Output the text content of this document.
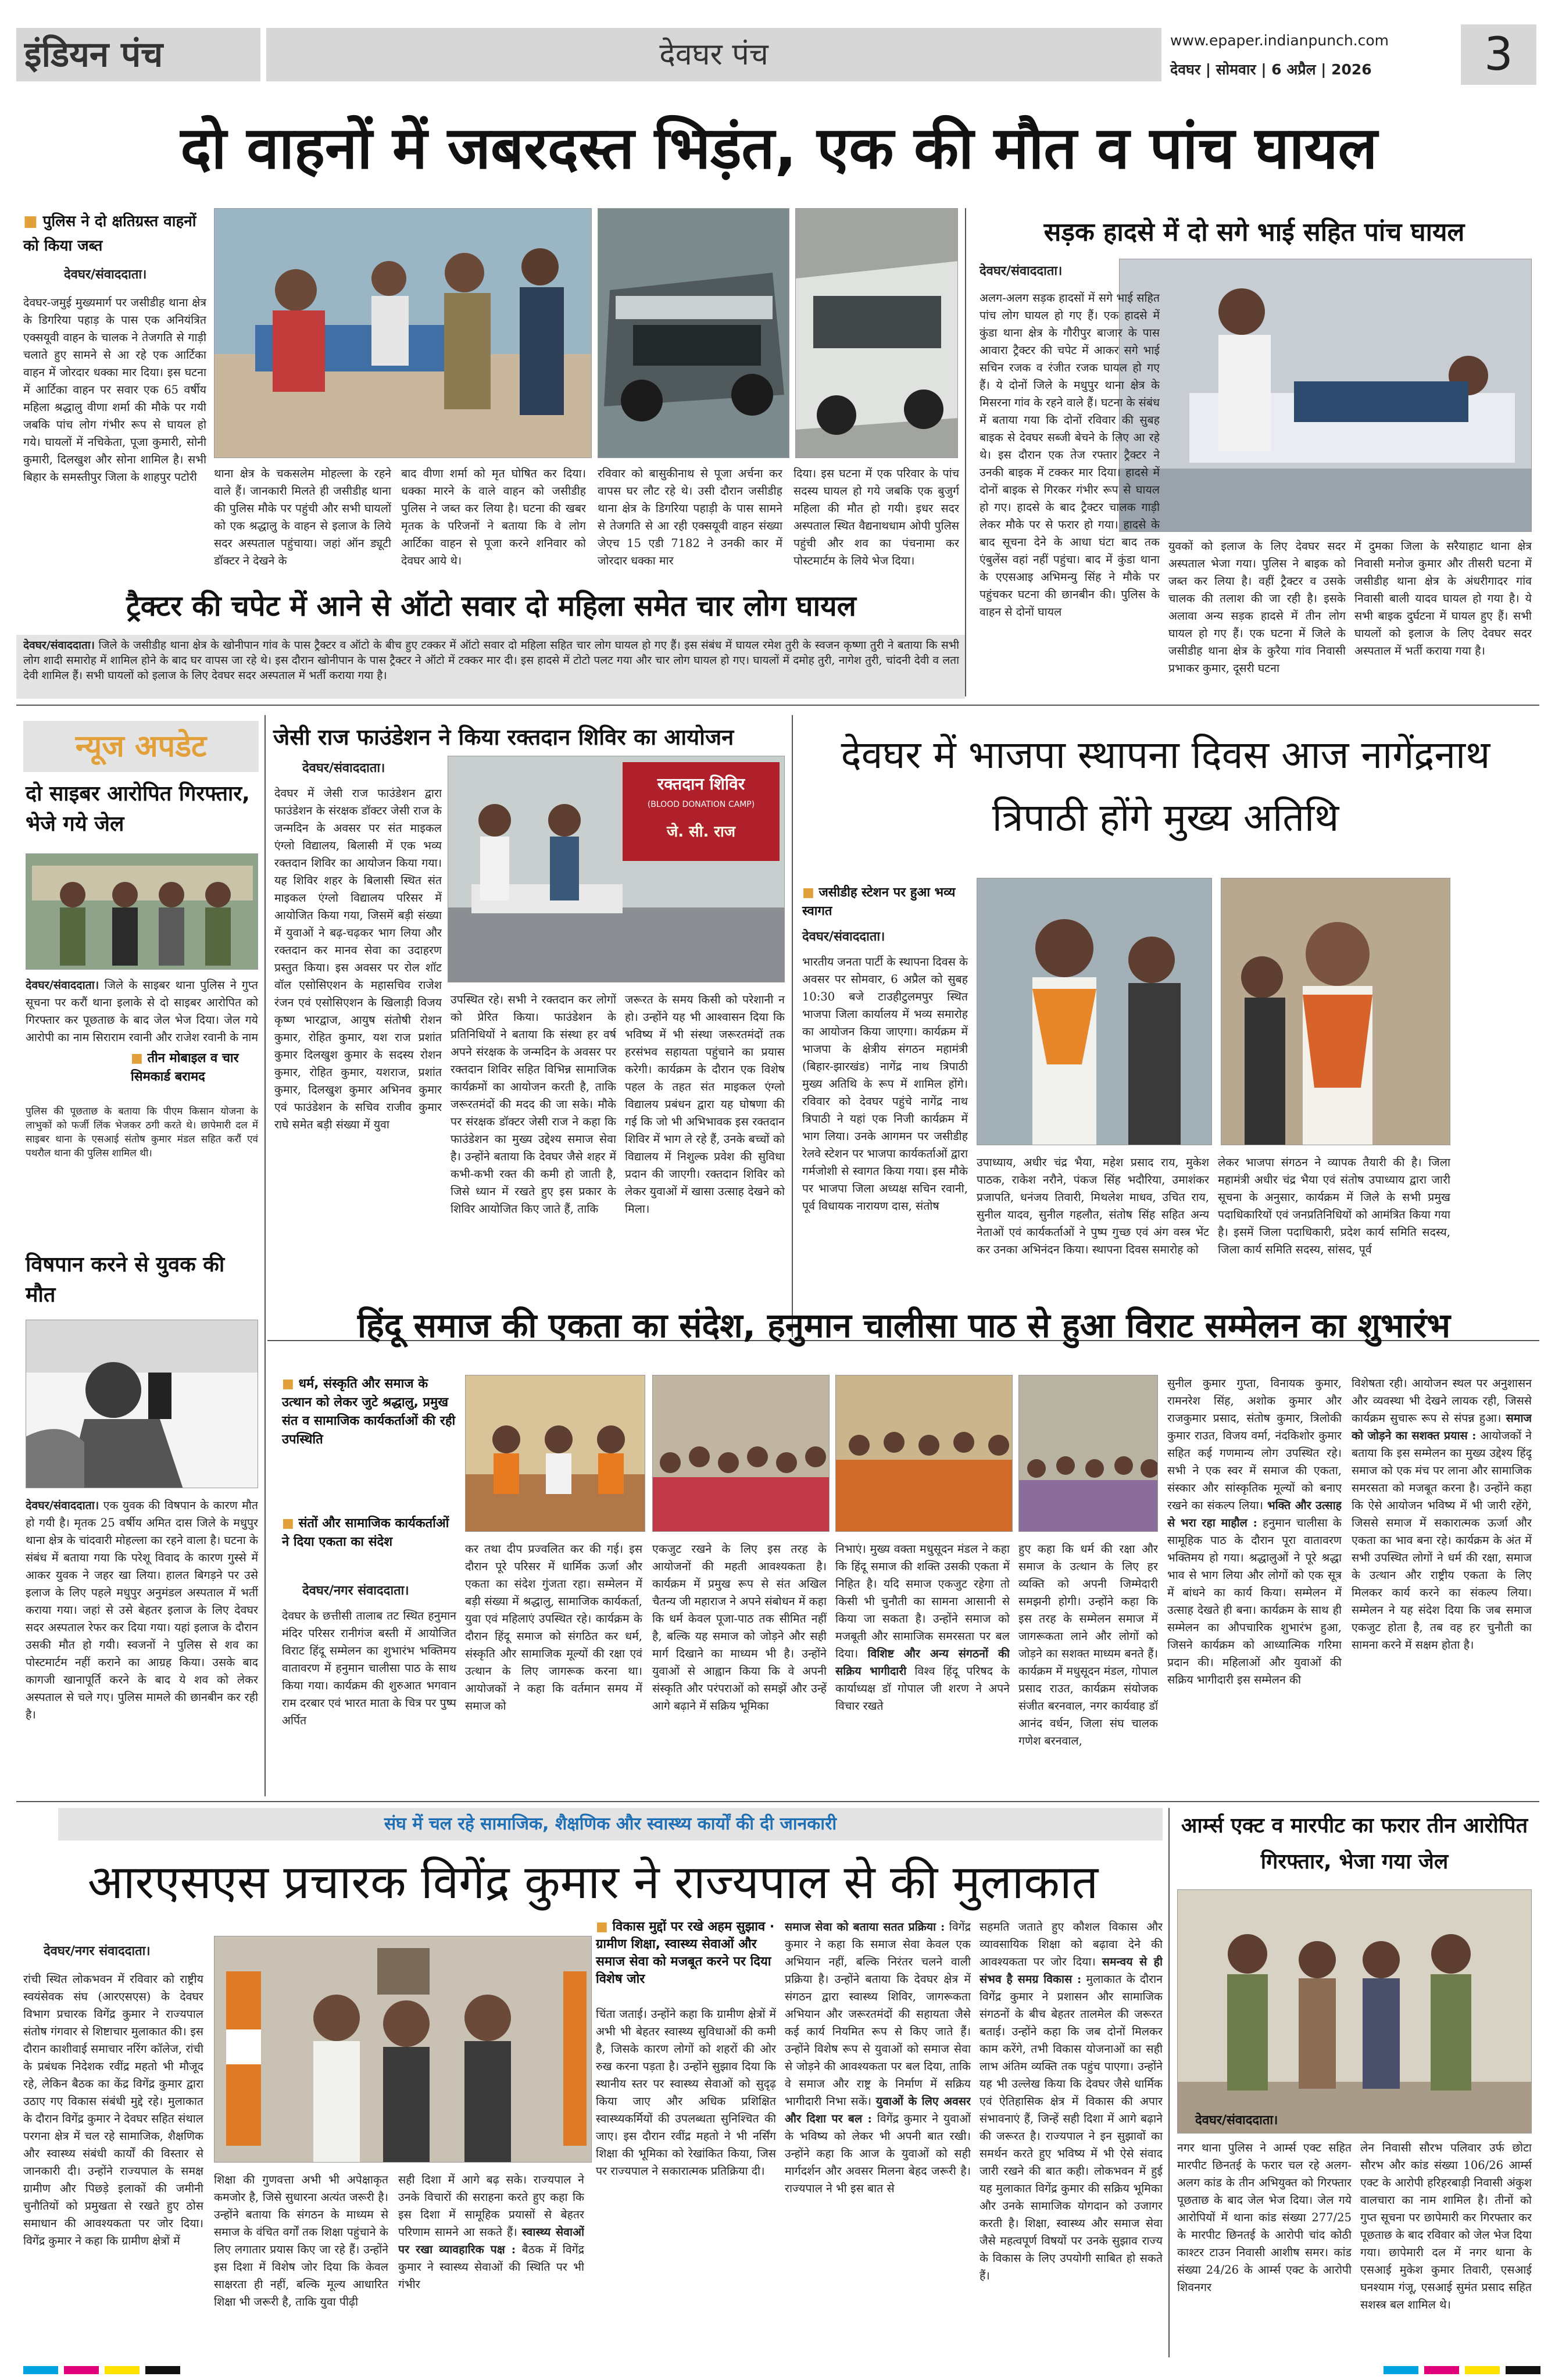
इंडियन पंच	देवघर पंच	www.epaper.indianpunch.com
देवघर | सोमवार | 6 अप्रैल | 2026	3
दो वाहनों में जबरदस्त भिड़ंत, एक की मौत व पांच घायल
■ पुलिस ने दो क्षतिग्रस्त वाहनों को किया जब्त
देवघर/संवाददाता।
देवघर-जमुई मुख्यमार्ग पर जसीडीह थाना क्षेत्र के डिगरिया पहाड़ के पास एक अनियंत्रित एक्सयूवी वाहन के चालक ने तेजगति से गाड़ी चलाते हुए सामने से आ रहे एक आर्टिका वाहन में जोरदार धक्का मार दिया। इस घटना में आर्टिका वाहन पर सवार एक 65 वर्षीय महिला श्रद्धालु वीणा शर्मा की मौके पर गयी जबकि पांच लोग गंभीर रूप से घायल हो गये। घायलों में नचिकेता, पूजा कुमारी, सोनी कुमारी, दिलखुश और सोना शामिल है। सभी बिहार के समस्तीपुर जिला के शाहपुर पटोरी	थाना क्षेत्र के चकसलेम मोहल्ला के रहने वाले हैं। जानकारी मिलते ही जसीडीह थाना की पुलिस मौके पर पहुंची और सभी घायलों को एक श्रद्धालु के वाहन से इलाज के लिये सदर अस्पताल पहुंचाया। जहां ऑन ड्यूटी डॉक्टर ने देखने के
बाद वीणा शर्मा को मृत घोषित कर दिया। धक्का मारने के वाले वाहन को जसीडीह पुलिस ने जब्त कर लिया है। घटना की खबर मृतक के परिजनों ने बताया कि वे लोग आर्टिका वाहन से पूजा करने शनिवार को देवघर आये थे।
रविवार को बासुकीनाथ से पूजा अर्चना कर वापस घर लौट रहे थे। उसी दौरान जसीडीह थाना क्षेत्र के डिगरिया पहाड़ी के पास सामने से तेजगति से आ रही एक्सयूवी वाहन संख्या जेएच 15 एडी 7182 ने उनकी कार में जोरदार धक्का मार
दिया। इस घटना में एक परिवार के पांच सदस्य घायल हो गये जबकि एक बुजुर्ग महिला की मौत हो गयी। इधर सदर अस्पताल स्थित वैद्यनाथधाम ओपी पुलिस पहुंची और शव का पंचनामा कर पोस्टमार्टम के लिये भेज दिया।
सड़क हादसे में दो सगे भाई सहित पांच घायल
देवघर/संवाददाता।
अलग-अलग सड़क हादसों में सगे भाई सहित पांच लोग घायल हो गए हैं। एक हादसे में कुंडा थाना क्षेत्र के गौरीपुर बाजार के पास आवारा ट्रैक्टर की चपेट में आकर सगे भाई सचिन रजक व रंजीत रजक घायल हो गए हैं। ये दोनों जिले के मधुपुर थाना क्षेत्र के मिसरना गांव के रहने वाले हैं। घटना के संबंध में बताया गया कि दोनों रविवार की सुबह बाइक से देवघर सब्जी बेचने के लिए आ रहे थे। इस दौरान एक तेज रफ्तार ट्रैक्टर ने उनकी बाइक में टक्कर मार दिया। हादसे में दोनों बाइक से गिरकर गंभीर रूप से घायल हो गए। हादसे के बाद ट्रैक्टर चालक गाड़ी लेकर मौके पर से फरार हो गया। हादसे के बाद सूचना देने के आधा घंटा बाद तक एंबुलेंस वहां नहीं पहुंचा। बाद में कुंडा थाना के एएसआइ अभिमन्यु सिंह ने मौके पर पहुंचकर घटना की छानबीन की। पुलिस के वाहन से दोनों घायल
युवकों को इलाज के लिए देवघर सदर अस्पताल भेजा गया। पुलिस ने बाइक को जब्त कर लिया है। वहीं ट्रैक्टर व उसके चालक की तलाश की जा रही है। इसके अलावा अन्य सड़क हादसे में तीन लोग घायल हो गए हैं। एक घटना में जिले के जसीडीह थाना क्षेत्र के कुरैया गांव निवासी प्रभाकर कुमार, दूसरी घटना
में दुमका जिला के सरैयाहाट थाना क्षेत्र निवासी मनोज कुमार और तीसरी घटना में जसीडीह थाना क्षेत्र के अंधरीगादर गांव निवासी बाली यादव घायल हो गया है। ये सभी बाइक दुर्घटना में घायल हुए हैं। सभी घायलों को इलाज के लिए देवघर सदर अस्पताल में भर्ती कराया गया है।
ट्रैक्टर की चपेट में आने से ऑटो सवार दो महिला समेत चार लोग घायल
देवघर/संवाददाता। जिले के जसीडीह थाना क्षेत्र के खोनीपान गांव के पास ट्रैक्टर व ऑटो के बीच हुए टक्कर में ऑटो सवार दो महिला सहित चार लोग घायल हो गए हैं। इस संबंध में घायल रमेश तुरी के स्वजन कृष्णा तुरी ने बताया कि सभी लोग शादी समारोह में शामिल होने के बाद घर वापस जा रहे थे। इस दौरान खोनीपान के पास ट्रैक्टर ने ऑटो में टक्कर मार दी। इस हादसे में टोटो पलट गया और चार लोग घायल हो गए। घायलों में दमोह तुरी, नागेश तुरी, चांदनी देवी व लता देवी शामिल हैं। सभी घायलों को इलाज के लिए देवघर सदर अस्पताल में भर्ती कराया गया है।
न्यूज अपडेट
दो साइबर आरोपित गिरफ्तार, भेजे गये जेल
देवघर/संवाददाता। जिले के साइबर थाना पुलिस ने गुप्त सूचना पर करौं थाना इलाके से दो साइबर आरोपित को गिरफ्तार कर पूछताछ के बाद जेल भेज दिया। जेल गये आरोपी का नाम सिराराम रवानी और राजेश रवानी के नाम
■ तीन मोबाइल व चार सिमकार्ड बरामद
पुलिस की पूछताछ के बताया कि पीएम किसान योजना के लाभुकों को फर्जी लिंक भेजकर ठगी करते थे। छापेमारी दल में साइबर थाना के एसआई संतोष कुमार मंडल सहित करौं एवं पथरौल थाना की पुलिस शामिल थी।
विषपान करने से युवक की मौत
देवघर/संवाददाता। एक युवक की विषपान के कारण मौत हो गयी है। मृतक 25 वर्षीय अमित दास जिले के मधुपुर थाना क्षेत्र के चांदवारी मोहल्ला का रहने वाला है। घटना के संबंध में बताया गया कि परेशू विवाद के कारण गुस्से में आकर युवक ने जहर खा लिया। हालत बिगड़ने पर उसे इलाज के लिए पहले मधुपुर अनुमंडल अस्पताल में भर्ती कराया गया। जहां से उसे बेहतर इलाज के लिए देवघर सदर अस्पताल रेफर कर दिया गया। यहां इलाज के दौरान उसकी मौत हो गयी। स्वजनों ने पुलिस से शव का पोस्टमार्टम नहीं कराने का आग्रह किया। उसके बाद कागजी खानापूर्ति करने के बाद ये शव को लेकर अस्पताल से चले गए। पुलिस मामले की छानबीन कर रही है।
जेसी राज फाउंडेशन ने किया रक्तदान शिविर का आयोजन
देवघर/संवाददाता।
रक्तदान शिविर
(BLOOD DONATION CAMP)
जे. सी. राज
देवघर में जेसी राज फाउंडेशन द्वारा फाउंडेशन के संरक्षक डॉक्टर जेसी राज के जन्मदिन के अवसर पर संत माइकल एंग्लो विद्यालय, बिलासी में एक भव्य रक्तदान शिविर का आयोजन किया गया। यह शिविर शहर के बिलासी स्थित संत माइकल एंग्लो विद्यालय परिसर में आयोजित किया गया, जिसमें बड़ी संख्या में युवाओं ने बढ़-चढ़कर भाग लिया और रक्तदान कर मानव सेवा का उदाहरण प्रस्तुत किया। इस अवसर पर रोल शॉट वॉल एसोसिएशन के महासचिव राजेश रंजन एवं एसोसिएशन के खिलाड़ी विजय कृष्ण भारद्वाज, आयुष संतोषी रोशन कुमार, रोहित कुमार, यश राज प्रशांत कुमार दिलखुश कुमार के सदस्य रोशन कुमार, रोहित कुमार, यशराज, प्रशांत कुमार, दिलखुश कुमार अभिनव कुमार एवं फाउंडेशन के सचिव राजीव कुमार राघे समेत बड़ी संख्या में युवा
उपस्थित रहे। सभी ने रक्तदान कर लोगों को प्रेरित किया। फाउंडेशन के प्रतिनिधियों ने बताया कि संस्था हर वर्ष अपने संरक्षक के जन्मदिन के अवसर पर रक्तदान शिविर सहित विभिन्न सामाजिक कार्यक्रमों का आयोजन करती है, ताकि जरूरतमंदों की मदद की जा सके। मौके पर संरक्षक डॉक्टर जेसी राज ने कहा कि फाउंडेशन का मुख्य उद्देश्य समाज सेवा है। उन्होंने बताया कि देवघर जैसे शहर में कभी-कभी रक्त की कमी हो जाती है, जिसे ध्यान में रखते हुए इस प्रकार के शिविर आयोजित किए जाते हैं, ताकि
जरूरत के समय किसी को परेशानी न हो। उन्होंने यह भी आश्वासन दिया कि भविष्य में भी संस्था जरूरतमंदों तक हरसंभव सहायता पहुंचाने का प्रयास करेगी। कार्यक्रम के दौरान एक विशेष पहल के तहत संत माइकल एंग्लो विद्यालय प्रबंधन द्वारा यह घोषणा की गई कि जो भी अभिभावक इस रक्तदान शिविर में भाग ले रहे हैं, उनके बच्चों को विद्यालय में निशुल्क प्रवेश की सुविधा प्रदान की जाएगी। रक्तदान शिविर को लेकर युवाओं में खासा उत्साह देखने को मिला।
देवघर में भाजपा स्थापना दिवस आज नागेंद्रनाथ त्रिपाठी होंगे मुख्य अतिथि
■ जसीडीह स्टेशन पर हुआ भव्य स्वागत
देवघर/संवाददाता।
भारतीय जनता पार्टी के स्थापना दिवस के अवसर पर सोमवार, 6 अप्रैल को सुबह 10:30 बजे टाउहीटुलमपुर स्थित भाजपा जिला कार्यालय में भव्य समारोह का आयोजन किया जाएगा। कार्यक्रम में भाजपा के क्षेत्रीय संगठन महामंत्री (बिहार-झारखंड) नागेंद्र नाथ त्रिपाठी मुख्य अतिथि के रूप में शामिल होंगे। रविवार को देवघर पहुंचे नागेंद्र नाथ त्रिपाठी ने यहां एक निजी कार्यक्रम में भाग लिया। उनके आगमन पर जसीडीह रेलवे स्टेशन पर भाजपा कार्यकर्ताओं द्वारा गर्मजोशी से स्वागत किया गया। इस मौके पर भाजपा जिला अध्यक्ष सचिन रवानी, पूर्व विधायक नारायण दास, संतोष
उपाध्याय, अधीर चंद्र भैया, महेश प्रसाद राय, मुकेश पाठक, राकेश नरौने, पंकज सिंह भदौरिया, उमाशंकर प्रजापति, धनंजय तिवारी, मिथलेश माधव, उचित राय, सुनील यादव, सुनील गहलौत, संतोष सिंह सहित अन्य नेताओं एवं कार्यकर्ताओं ने पुष्प गुच्छ एवं अंग वस्त्र भेंट कर उनका अभिनंदन किया। स्थापना दिवस समारोह को
लेकर भाजपा संगठन ने व्यापक तैयारी की है। जिला महामंत्री अधीर चंद्र भैया एवं संतोष उपाध्याय द्वारा जारी सूचना के अनुसार, कार्यक्रम में जिले के सभी प्रमुख पदाधिकारियों एवं जनप्रतिनिधियों को आमंत्रित किया गया है। इसमें जिला पदाधिकारी, प्रदेश कार्य समिति सदस्य, जिला कार्य समिति सदस्य, सांसद, पूर्व
हिंदू समाज की एकता का संदेश, हनुमान चालीसा पाठ से हुआ विराट सम्मेलन का शुभारंभ
■ धर्म, संस्कृति और समाज के उत्थान को लेकर जुटे श्रद्धालु, प्रमुख संत व सामाजिक कार्यकर्ताओं की रही उपस्थिति
■ संतों और सामाजिक कार्यकर्ताओं ने दिया एकता का संदेश
देवघर/नगर संवाददाता।
देवघर के छत्तीसी तालाब तट स्थित हनुमान मंदिर परिसर रानीगंज बस्ती में आयोजित विराट हिंदू सम्मेलन का शुभारंभ भक्तिमय वातावरण में हनुमान चालीसा पाठ के साथ किया गया। कार्यक्रम की शुरुआत भगवान राम दरबार एवं भारत माता के चित्र पर पुष्प अर्पित
कर तथा दीप प्रज्वलित कर की गई। इस दौरान पूरे परिसर में धार्मिक ऊर्जा और एकता का संदेश गुंजता रहा। सम्मेलन में बड़ी संख्या में श्रद्धालु, सामाजिक कार्यकर्ता, युवा एवं महिलाएं उपस्थित रहे। कार्यक्रम के दौरान हिंदू समाज को संगठित कर धर्म, संस्कृति और सामाजिक मूल्यों की रक्षा एवं उत्थान के लिए जागरूक करना था। आयोजकों ने कहा कि वर्तमान समय में समाज को
एकजुट रखने के लिए इस तरह के आयोजनों की महती आवश्यकता है। कार्यक्रम में प्रमुख रूप से संत अखिल चैतन्य जी महाराज ने अपने संबोधन में कहा कि धर्म केवल पूजा-पाठ तक सीमित नहीं है, बल्कि यह समाज को जोड़ने और सही मार्ग दिखाने का माध्यम भी है। उन्होंने युवाओं से आह्वान किया कि वे अपनी संस्कृति और परंपराओं को समझें और उन्हें आगे बढ़ाने में सक्रिय भूमिका
निभाएं। मुख्य वक्ता मधुसूदन मंडल ने कहा कि हिंदू समाज की शक्ति उसकी एकता में निहित है। यदि समाज एकजुट रहेगा तो किसी भी चुनौती का सामना आसानी से किया जा सकता है। उन्होंने समाज को मजबूती और सामाजिक समरसता पर बल दिया। विशिष्ट और अन्य संगठनों की सक्रिय भागीदारी विश्व हिंदू परिषद के कार्याध्यक्ष डॉ गोपाल जी शरण ने अपने विचार रखते
हुए कहा कि धर्म की रक्षा और समाज के उत्थान के लिए हर व्यक्ति को अपनी जिम्मेदारी समझनी होगी। उन्होंने कहा कि इस तरह के सम्मेलन समाज में जागरूकता लाने और लोगों को जोड़ने का सशक्त माध्यम बनते हैं। कार्यक्रम में मधुसूदन मंडल, गोपाल प्रसाद राउत, कार्यक्रम संयोजक संजीत बरनवाल, नगर कार्यवाह डॉ आनंद वर्धन, जिला संघ चालक गणेश बरनवाल,
सुनील कुमार गुप्ता, विनायक कुमार, रामनरेश सिंह, अशोक कुमार और राजकुमार प्रसाद, संतोष कुमार, त्रिलोकी कुमार राउत, विजय वर्मा, नंदकिशोर कुमार सहित कई गणमान्य लोग उपस्थित रहे। सभी ने एक स्वर में समाज की एकता, संस्कार और सांस्कृतिक मूल्यों को बनाए रखने का संकल्प लिया। भक्ति और उत्साह से भरा रहा माहौल : हनुमान चालीसा के सामूहिक पाठ के दौरान पूरा वातावरण भक्तिमय हो गया। श्रद्धालुओं ने पूरे श्रद्धा भाव से भाग लिया और लोगों को एक सूत्र में बांधने का कार्य किया। सम्मेलन में उत्साह देखते ही बना। कार्यक्रम के साथ ही सम्मेलन का औपचारिक शुभारंभ हुआ, जिसने कार्यक्रम को आध्यात्मिक गरिमा प्रदान की। महिलाओं और युवाओं की सक्रिय भागीदारी इस सम्मेलन की
विशेषता रही। आयोजन स्थल पर अनुशासन और व्यवस्था भी देखने लायक रही, जिससे कार्यक्रम सुचारू रूप से संपन्न हुआ। समाज को जोड़ने का सशक्त प्रयास : आयोजकों ने बताया कि इस सम्मेलन का मुख्य उद्देश्य हिंदू समाज को एक मंच पर लाना और सामाजिक समरसता को मजबूत करना है। उन्होंने कहा कि ऐसे आयोजन भविष्य में भी जारी रहेंगे, जिससे समाज में सकारात्मक ऊर्जा और एकता का भाव बना रहे। कार्यक्रम के अंत में सभी उपस्थित लोगों ने धर्म की रक्षा, समाज के उत्थान और राष्ट्रीय एकता के लिए मिलकर कार्य करने का संकल्प लिया। सम्मेलन ने यह संदेश दिया कि जब समाज एकजुट होता है, तब वह हर चुनौती का सामना करने में सक्षम होता है।
संघ में चल रहे सामाजिक, शैक्षणिक और स्वास्थ्य कार्यों की दी जानकारी
आरएसएस प्रचारक विगेंद्र कुमार ने राज्यपाल से की मुलाकात
देवघर/नगर संवाददाता।
रांची स्थित लोकभवन में रविवार को राष्ट्रीय स्वयंसेवक संघ (आरएसएस) के देवघर विभाग प्रचारक विगेंद्र कुमार ने राज्यपाल संतोष गंगवार से शिष्टाचार मुलाकात की। इस दौरान काशीवाई समाचार नरिंग कॉलेज, रांची के प्रबंधक निदेशक रवींद्र महतो भी मौजूद रहे, लेकिन बैठक का केंद्र विगेंद्र कुमार द्वारा उठाए गए विकास संबंधी मुद्दे रहे। मुलाकात के दौरान विगेंद्र कुमार ने देवघर सहित संथाल परगना क्षेत्र में चल रहे सामाजिक, शैक्षणिक और स्वास्थ्य संबंधी कार्यों की विस्तार से जानकारी दी। उन्होंने राज्यपाल के समक्ष ग्रामीण और पिछड़े इलाकों की जमीनी चुनौतियों को प्रमुखता से रखते हुए ठोस समाधान की आवश्यकता पर जोर दिया। विगेंद्र कुमार ने कहा कि ग्रामीण क्षेत्रों में
शिक्षा की गुणवत्ता अभी भी अपेक्षाकृत कमजोर है, जिसे सुधारना अत्यंत जरूरी है। उन्होंने बताया कि संगठन के माध्यम से समाज के वंचित वर्गों तक शिक्षा पहुंचाने के लिए लगातार प्रयास किए जा रहे हैं। उन्होंने इस दिशा में विशेष जोर दिया कि केवल साक्षरता ही नहीं, बल्कि मूल्य आधारित शिक्षा भी जरूरी है, ताकि युवा पीढ़ी
सही दिशा में आगे बढ़ सके। राज्यपाल ने उनके विचारों की सराहना करते हुए कहा कि इस दिशा में सामूहिक प्रयासों से बेहतर परिणाम सामने आ सकते हैं। स्वास्थ्य सेवाओं पर रखा व्यावहारिक पक्ष : बैठक में विगेंद्र कुमार ने स्वास्थ्य सेवाओं की स्थिति पर भी गंभीर
■ विकास मुद्दों पर रखे अहम सुझाव · ग्रामीण शिक्षा, स्वास्थ्य सेवाओं और समाज सेवा को मजबूत करने पर दिया विशेष जोर
चिंता जताई। उन्होंने कहा कि ग्रामीण क्षेत्रों में अभी भी बेहतर स्वास्थ्य सुविधाओं की कमी है, जिसके कारण लोगों को शहरों की ओर रुख करना पड़ता है। उन्होंने सुझाव दिया कि स्थानीय स्तर पर स्वास्थ्य सेवाओं को सुदृढ़ किया जाए और अधिक प्रशिक्षित स्वास्थ्यकर्मियों की उपलब्धता सुनिश्चित की जाए। इस दौरान रवींद्र महतो ने भी नर्सिंग शिक्षा की भूमिका को रेखांकित किया, जिस पर राज्यपाल ने सकारात्मक प्रतिक्रिया दी।
समाज सेवा को बताया सतत प्रक्रिया : विगेंद्र कुमार ने कहा कि समाज सेवा केवल एक अभियान नहीं, बल्कि निरंतर चलने वाली प्रक्रिया है। उन्होंने बताया कि देवघर क्षेत्र में संगठन द्वारा स्वास्थ्य शिविर, जागरूकता अभियान और जरूरतमंदों की सहायता जैसे कई कार्य नियमित रूप से किए जाते हैं। उन्होंने विशेष रूप से युवाओं को समाज सेवा से जोड़ने की आवश्यकता पर बल दिया, ताकि वे समाज और राष्ट्र के निर्माण में सक्रिय भागीदारी निभा सकें। युवाओं के लिए अवसर और दिशा पर बल : विगेंद्र कुमार ने युवाओं के भविष्य को लेकर भी अपनी बात रखी। उन्होंने कहा कि आज के युवाओं को सही मार्गदर्शन और अवसर मिलना बेहद जरूरी है। राज्यपाल ने भी इस बात से
सहमति जताते हुए कौशल विकास और व्यावसायिक शिक्षा को बढ़ावा देने की आवश्यकता पर जोर दिया। समन्वय से ही संभव है समग्र विकास : मुलाकात के दौरान विगेंद्र कुमार ने प्रशासन और सामाजिक संगठनों के बीच बेहतर तालमेल की जरूरत बताई। उन्होंने कहा कि जब दोनों मिलकर काम करेंगे, तभी विकास योजनाओं का सही लाभ अंतिम व्यक्ति तक पहुंच पाएगा। उन्होंने यह भी उल्लेख किया कि देवघर जैसे धार्मिक एवं ऐतिहासिक क्षेत्र में विकास की अपार संभावनाएं हैं, जिन्हें सही दिशा में आगे बढ़ाने की जरूरत है। राज्यपाल ने इन सुझावों का समर्थन करते हुए भविष्य में भी ऐसे संवाद जारी रखने की बात कही। लोकभवन में हुई यह मुलाकात विगेंद्र कुमार की सक्रिय भूमिका और उनके सामाजिक योगदान को उजागर करती है। शिक्षा, स्वास्थ्य और समाज सेवा जैसे महत्वपूर्ण विषयों पर उनके सुझाव राज्य के विकास के लिए उपयोगी साबित हो सकते हैं।
आर्म्स एक्ट व मारपीट का फरार तीन आरोपित गिरफ्तार, भेजा गया जेल
देवघर/संवाददाता।
नगर थाना पुलिस ने आर्म्स एक्ट सहित मारपीट छिनतई के फरार चल रहे अलग-अलग कांड के तीन अभियुक्त को गिरफ्तार पूछताछ के बाद जेल भेज दिया। जेल गये आरोपियों में थाना कांड संख्या 277/25 के मारपीट छिनतई के आरोपी चांद कोठी काश्टर टाउन निवासी आशीष समर। कांड संख्या 24/26 के आर्म्स एक्ट के आरोपी शिवनगर
लेन निवासी सौरभ पलिवार उर्फ छोटा सौरभ और कांड संख्या 106/26 आर्म्स एक्ट के आरोपी हरिहरबाड़ी निवासी अंकुश वालचारा का नाम शामिल है। तीनों को गुप्त सूचना पर छापेमारी कर गिरफ्तार कर पूछताछ के बाद रविवार को जेल भेज दिया गया। छापेमारी दल में नगर थाना के एसआई मुकेश कुमार तिवारी, एसआई घनश्याम गंजू, एसआई सुमंत प्रसाद सहित सशस्त्र बल शामिल थे।
